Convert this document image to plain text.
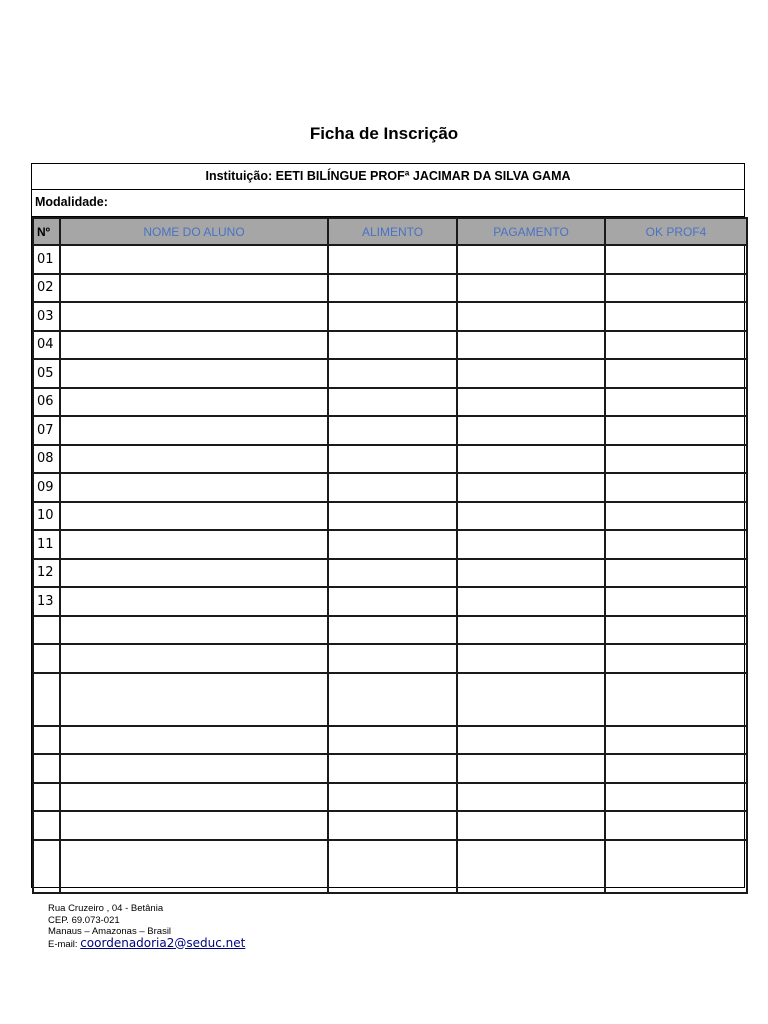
Ficha de Inscrição
Instituição: EETI BILÍNGUE PROFª JACIMAR DA SILVA GAMA
Modalidade:
Nº	NOME DO ALUNO	ALIMENTO	PAGAMENTO	OK PROF4
01				
02				
03				
04				
05				
06				
07				
08				
09				
10				
11				
12				
13				

Rua Cruzeiro , 04 - Betânia
CEP. 69.073-021
Manaus – Amazonas – Brasil
E-mail: coordenadoria2@seduc.net
